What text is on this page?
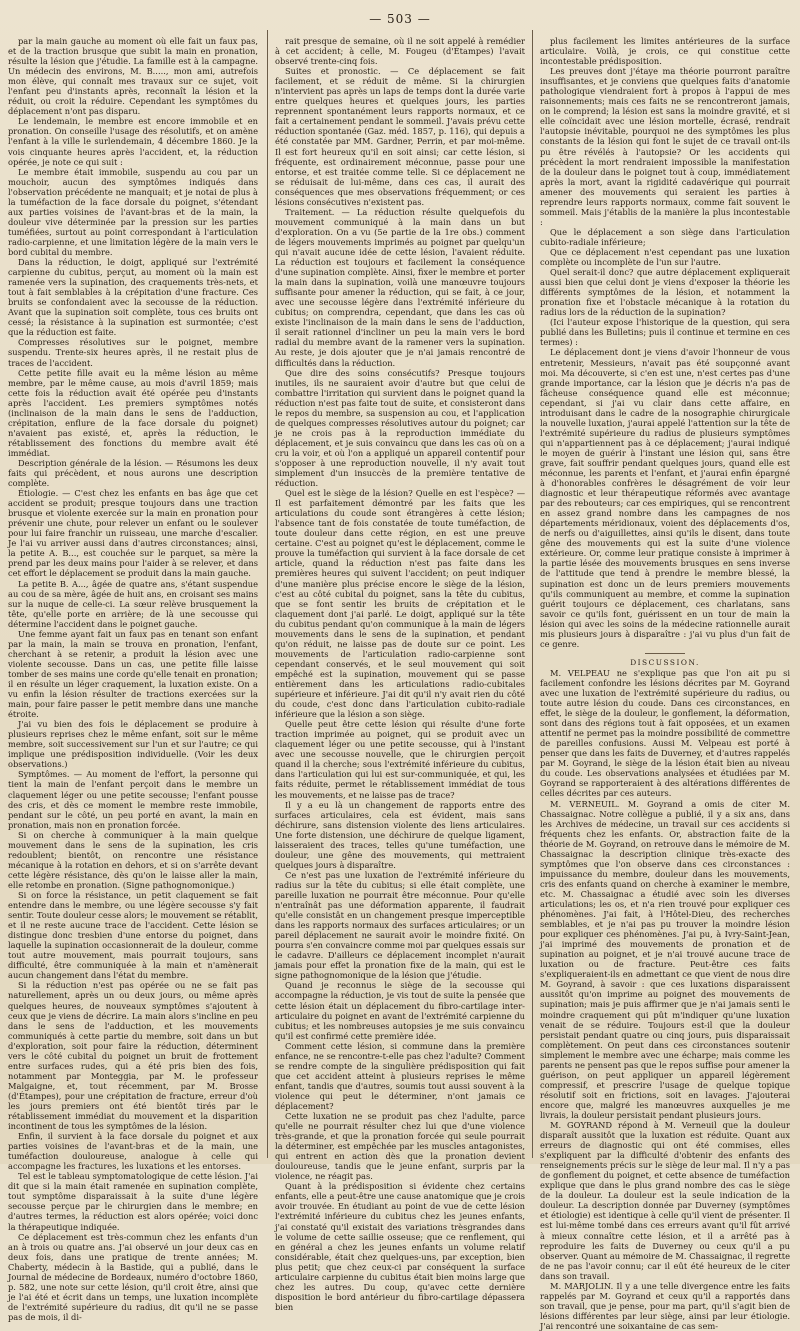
— 503 —

par la main gauche au moment où elle fait un faux pas, et de la traction brusque que subit la main en pronation, résulte la lésion que j'étudie. La famille est à la campagne. Un médecin des environs, M. B....., mon ami, autrefois mon élève, qui connaît mes travaux sur ce sujet, voit l'enfant peu d'instants après, reconnaît la lésion et la réduit, ou croit la réduire. Cependant les symptômes du déplacement n'ont pas disparu.

Le lendemain, le membre est encore immobile et en pronation. On conseille l'usage des résolutifs, et on amène l'enfant à la ville le surlendemain, 4 décembre 1860. Je la vois cinquante heures après l'accident, et, la réduction opérée, je note ce qui suit :

Le membre était immobile, suspendu au cou par un mouchoir, aucun des symptômes indiqués dans l'observation précédente ne manquait; et je notai de plus à la tuméfaction de la face dorsale du poignet, s'étendant aux parties voisines de l'avant-bras et de la main, la douleur vive déterminée par la pression sur les parties tuméfiées, surtout au point correspondant à l'articulation radio-carpienne, et une limitation légère de la main vers le bord cubital du membre.

Dans la réduction, le doigt, appliqué sur l'extrémité carpienne du cubitus, perçut, au moment où la main est ramenée vers la supination, des craquements très-nets, et tout à fait semblables à la crépitation d'une fracture. Ces bruits se confondaient avec la secousse de la réduction. Avant que la supination soit complète, tous ces bruits ont cessé; la résistance à la supination est surmontée; c'est que la réduction est faite.

Compresses résolutives sur le poignet, membre suspendu. Trente-six heures après, il ne restait plus de traces de l'accident.

Cette petite fille avait eu la même lésion au même membre, par le même cause, au mois d'avril 1859; mais cette fois la réduction avait été opérée peu d'instants après l'accident. Les premiers symptômes notés (inclinaison de la main dans le sens de l'adduction, crépitation, enflure de la face dorsale du poignet) n'avaient pas existé, et, après la réduction, le rétablissement des fonctions du membre avait été immédiat.

Description générale de la lésion. — Résumons les deux faits qui précèdent, et nous aurons une description complète.

Étiologie. — C'est chez les enfants en bas âge que cet accident se produit; presque toujours dans une traction brusque et violente exercée sur la main en pronation pour prévenir une chute, pour relever un enfant ou le soulever pour lui faire franchir un ruisseau, une marche d'escalier. Je l'ai vu arriver aussi dans d'autres circonstances; ainsi, la petite A. B..., est couchée sur le parquet, sa mère la prend par les deux mains pour l'aider à se relever, et dans cet effort le déplacement se produit dans la main gauche.

La petite B. A..., âgée de quatre ans, s'étant suspendue au cou de sa mère, âgée de huit ans, en croisant ses mains sur la nuque de celle-ci. La sœur relève brusquement la tête, qu'elle porte en arrière; de là une secousse qui détermine l'accident dans le poignet gauche.

Une femme ayant fait un faux pas en tenant son enfant par la main, la main se trouva en pronation, l'enfant, cherchant à se retenir, a produit la lésion avec une violente secousse. Dans un cas, une petite fille laisse tomber de ses mains une corde qu'elle tenait en pronation; il en résulte un léger craquement, la luxation existe. On a vu enfin la lésion résulter de tractions exercées sur la main, pour faire passer le petit membre dans une manche étroite.

J'ai vu bien des fois le déplacement se produire à plusieurs reprises chez le même enfant, soit sur le même membre, soit successivement sur l'un et sur l'autre; ce qui implique une prédisposition individuelle. (Voir les deux observations.)

Symptômes. — Au moment de l'effort, la personne qui tient la main de l'enfant perçoit dans le membre un claquement léger ou une petite secousse; l'enfant pousse des cris, et dès ce moment le membre reste immobile, pendant sur le côté, un peu porté en avant, la main en pronation, mais non en pronation forcée.

Si on cherche à communiquer à la main quelque mouvement dans le sens de la supination, les cris redoublent; bientôt, on rencontre une résistance mécanique à la rotation en dehors, et si on s'arrête devant cette légère résistance, dès qu'on le laisse aller la main, elle retombe en pronation. (Signe pathognomonique.)

Si on force la résistance, un petit claquement se fait entendre dans le membre, ou une légère secousse s'y fait sentir. Toute douleur cesse alors; le mouvement se rétablit, et il ne reste aucune trace de l'accident. Cette lésion se distingue donc tresbien d'une entorse du poignet, dans laquelle la supination occasionnerait de la douleur, comme tout autre mouvement, mais pourrait toujours, sans difficulté, être communiquée à la main et n'amènerait aucun changement dans l'état du membre.

Si la réduction n'est pas opérée ou ne se fait pas naturellement, après un ou deux jours, ou même après quelques heures, de nouveaux symptômes s'ajoutent à ceux que je viens de décrire. La main alors s'incline en peu dans le sens de l'adduction, et les mouvements communiqués à cette partie du membre, soit dans un but d'exploration, soit pour faire la réduction, déterminent vers le côté cubital du poignet un bruit de frottement entre surfaces rudes, qui a été pris bien des fois, notamment par Monteggia, par M. le professeur Malgaigne, et, tout récemment, par M. Brosse (d'Étampes), pour une crépitation de fracture, erreur d'où les jours premiers ont été bientôt tirés par le rétablissement immédiat du mouvement et la disparition incontinent de tous les symptômes de la lésion.

Enfin, il survient à la face dorsale du poignet et aux parties voisines de l'avant-bras et de la main, une tuméfaction douloureuse, analogue à celle qui accompagne les fractures, les luxations et les entorses.

Tel est le tableau symptomatologique de cette lésion. J'ai dit que si la main était ramenée en supination complète, tout symptôme disparaissait à la suite d'une légère secousse perçue par le chirurgien dans le membre; en d'autres termes, la réduction est alors opérée; voici donc la thérapeutique indiquée.

Ce déplacement est très-commun chez les enfants d'un an à trois ou quatre ans. J'ai observé un jour deux cas en deux fois, dans une pratique de trente années; M. Chaberty, médecin à la Bastide, qui a publié, dans le Journal de médecine de Bordeaux, numéro d'octobre 1860, p. 582, une note sur cette lésion, qu'il croit être, ainsi que je l'ai été et écrit dans un temps, une luxation incomplète de l'extrémité supérieure du radius, dit qu'il ne se passe pas de mois, il di-

rait presque de semaine, où il ne soit appelé à remédier à cet accident; à celle, M. Fougeu (d'Étampes) l'avait observé trente-cinq fois.

Suites et pronostic. — Ce déplacement se fait facilement, et se réduit de même. Si la chirurgien n'intervient pas après un laps de temps dont la durée varie entre quelques heures et quelques jours, les parties reprennent spontanément leurs rapports normaux, et ce fait a certainement pendant le sommeil. J'avais prévu cette réduction spontanée (Gaz. méd. 1857, p. 116), qui depuis a été constatée par MM. Gardner, Perrin, et par moi-même. Il est fort heureux qu'il en soit ainsi; car cette lésion, si fréquente, est ordinairement méconnue, passe pour une entorse, et est traitée comme telle. Si ce déplacement ne se réduisait de lui-même, dans ces cas, il aurait des conséquences que mes observations fréquemment; or ces lésions consécutives n'existent pas.

Traitement. — La réduction résulte quelquefois du mouvement communiqué à la main dans un but d'exploration. On a vu (5e partie de la 1re obs.) comment de légers mouvements imprimés au poignet par quelqu'un qui n'avait aucune idée de cette lésion, l'avaient réduite. La réduction est toujours et facilement la conséquence d'une supination complète. Ainsi, fixer le membre et porter la main dans la supination, voilà une manœuvre toujours suffisante pour amener la réduction, qui se fait, à ce jour, avec une secousse légère dans l'extrémité inférieure du cubitus; on comprendra, cependant, que dans les cas où existe l'inclinaison de la main dans le sens de l'adduction, il serait rationnel d'incliner un peu la main vers le bord radial du membre avant de la ramener vers la supination. Au reste, je dois ajouter que je n'ai jamais rencontré de difficultés dans la réduction.

Que dire des soins consécutifs? Presque toujours inutiles, ils ne sauraient avoir d'autre but que celui de combattre l'irritation qui survient dans le poignet quand la réduction n'est pas faite tout de suite, et consisteront dans le repos du membre, sa suspension au cou, et l'application de quelques compresses résolutives autour du poignet; car je ne crois pas à la reproduction immédiate du déplacement, et je suis convaincu que dans les cas où on a cru la voir, et où l'on a appliqué un appareil contentif pour s'opposer à une reproduction nouvelle, il n'y avait tout simplement d'un insuccès de la première tentative de réduction.

Quel est le siège de la lésion? Quelle en est l'espèce? — Il est parfaitement démontré par les faits que les articulations du coude sont étrangères à cette lésion; l'absence tant de fois constatée de toute tuméfaction, de toute douleur dans cette région, en est une preuve certaine. C'est au poignet qu'est le déplacement, comme le prouve la tuméfaction qui survient à la face dorsale de cet article, quand la réduction n'est pas faite dans les premières heures qui suivent l'accident; on peut indiquer d'une manière plus précise encore le siège de la lésion, c'est au côté cubital du poignet, sans la tête du cubitus, que se font sentir les bruits de crépitation et le claquement dont j'ai parlé. Le doigt, appliqué sur la tête du cubitus pendant qu'on communique à la main de légers mouvements dans le sens de la supination, et pendant qu'on réduit, ne laisse pas de doute sur ce point. Les mouvements de l'articulation radio-carpienne sont cependant conservés, et le seul mouvement qui soit empêché est la supination, mouvement qui se passe entièrement dans les articulations radio-cubitales supérieure et inférieure. J'ai dit qu'il n'y avait rien du côté du coude, c'est donc dans l'articulation cubito-radiale inférieure que la lésion a son siège.

Quelle peut être cette lésion qui résulte d'une forte traction imprimée au poignet, qui se produit avec un claquement léger ou une petite secousse, qui à l'instant avec une secousse nouvelle, que le chirurgien perçoit quand il la cherche; sous l'extrémité inférieure du cubitus, dans l'articulation qui lui est sur-communiquée, et qui, les faits réduite, permet le rétablissement immédiat de tous les mouvements, et ne laisse pas de trace?

Il y a eu là un changement de rapports entre des surfaces articulaires, cela est évident, mais sans déchirure, sans distension violente des liens articulaires. Une forte distension, une déchirure de quelque ligament, laisseraient des traces, telles qu'une tuméfaction, une douleur, une gêne des mouvements, qui mettraient quelques jours à disparaître.

Ce n'est pas une luxation de l'extrémité inférieure du radius sur la tête du cubitus; si elle était complète, une pareille luxation ne pourrait être méconnue. Pour qu'elle n'entraînât pas une déformation apparente, il faudrait qu'elle consistât en un changement presque imperceptible dans les rapports normaux des surfaces articulaires; or un pareil déplacement ne saurait avoir le moindre fixité. On pourra s'en convaincre comme moi par quelques essais sur le cadavre. D'ailleurs ce déplacement incomplet n'aurait jamais pour effet la pronation fixe de la main, qui est le signe pathognomonique de la lésion que j'étudie.

Quand je reconnus le siège de la secousse qui accompagne la réduction, je vis tout de suite la pensée que cette lésion était un déplacement du fibro-cartilage inter-articulaire du poignet en avant de l'extrémité carpienne du cubitus; et les nombreuses autopsies je me suis convaincu qu'il est confirmé cette première idée.

Comment cette lésion, si commune dans la première enfance, ne se rencontre-t-elle pas chez l'adulte? Comment se rendre compte de la singulière prédisposition qui fait que cet accident atteint à plusieurs reprises le même enfant, tandis que d'autres, soumis tout aussi souvent à la violence qui peut le déterminer, n'ont jamais ce déplacement?

Cette luxation ne se produit pas chez l'adulte, parce qu'elle ne pourrait résulter chez lui que d'une violence très-grande, et que la pronation forcée qui seule pourrait la déterminer, est empêchée par les muscles antagonistes, qui entrent en action dès que la pronation devient douloureuse, tandis que le jeune enfant, surpris par la violence, ne réagit pas.

Quant à la prédisposition si évidente chez certains enfants, elle a peut-être une cause anatomique que je crois avoir trouvée. En étudiant au point de vue de cette lésion l'extrémité inférieure du cubitus chez les jeunes enfants, j'ai constaté qu'il existait des variations trèsgrandes dans le volume de cette saillie osseuse; que ce renflement, qui en général a chez les jeunes enfants un volume relatif considérable, était chez quelques-uns, par exception, bien plus petit; que chez ceux-ci par conséquent la surface articulaire carpienne du cubitus était bien moins large que chez les autres. Du coup, qu'avec cette dernière disposition le bord antérieur du fibro-cartilage dépassera bien

plus facilement les limites antérieures de la surface articulaire. Voilà, je crois, ce qui constitue cette incontestable prédisposition.

Les preuves dont j'étaye ma théorie pourront paraître insuffisantes, et je conviens que quelques faits d'anatomie pathologique viendraient fort à propos à l'appui de mes raisonnements; mais ces faits ne se rencontreront jamais, on le comprend; la lésion est sans la moindre gravité, et si elle coïncidait avec une lésion mortelle, écrasé, rendrait l'autopsie inévitable, pourquoi ne des symptômes les plus constants de la lésion qui font le sujet de ce travail ont-ils pu être révélés à l'autopsie? Or les accidents qui précèdent la mort rendraient impossible la manifestation de la douleur dans le poignet tout à coup, immédiatement après la mort, avant la rigidité cadavérique qui pourrait amener des mouvements qui seraient les parties à reprendre leurs rapports normaux, comme fait souvent le sommeil. Mais j'établis de la manière la plus incontestable :

Que le déplacement a son siège dans l'articulation cubito-radiale inférieure;

Que ce déplacement n'est cependant pas une luxation complète ou incomplète de l'un sur l'autre.

Quel serait-il donc? que autre déplacement expliquerait aussi bien que celui dont je viens d'exposer la théorie les différents symptômes de la lésion, et notamment la pronation fixe et l'obstacle mécanique à la rotation du radius lors de la réduction de la supination?

(Ici l'auteur expose l'historique de la question, qui sera publié dans les Bulletins; puis il continue et termine en ces termes) :

Le déplacement dont je viens d'avoir l'honneur de vous entretenir, Messieurs, n'avait pas été soupçonné avant moi. Ma découverte, si c'en est une, n'est certes pas d'une grande importance, car la lésion que je décris n'a pas de fâcheuse conséquence quand elle est méconnue; cependant, si j'ai vu clair dans cette affaire, en introduisant dans le cadre de la nosographie chirurgicale la nouvelle luxation, j'aurai appelé l'attention sur la tête de l'extrémité supérieure du radius de plusieurs symptômes qui n'appartiennent pas à ce déplacement; j'aurai indiqué le moyen de guérir à l'instant une lésion qui, sans être grave, fait souffrir pendant quelques jours, quand elle est méconnue, les parents et l'enfant, et j'aurai enfin épargné à d'honorables confrères le désagrément de voir leur diagnostic et leur thérapeutique réformés avec avantage par des rebouteurs; car ces empiriques, qui se rencontrent en assez grand nombre dans les campagnes de nos départements méridionaux, voient des déplacements d'os, de nerfs ou d'aiguillettes, ainsi qu'ils le disent, dans toute gêne des mouvements qui est la suite d'une violence extérieure. Or, comme leur pratique consiste à imprimer à la partie lésée des mouvements brusques en sens inverse de l'attitude que tend à prendre le membre blessé, la supination est donc un de leurs premiers mouvements qu'ils communiquent au membre, et comme la supination guérit toujours ce déplacement, ces charlatans, sans savoir ce qu'ils font, guérissent en un tour de main la lésion qui avec les soins de la médecine rationnelle aurait mis plusieurs jours à disparaître : j'ai vu plus d'un fait de ce genre.

DISCUSSION.

M. VELPEAU ne s'explique pas que l'on ait pu si facilement confondre les lésions décrites par M. Goyrand avec une luxation de l'extrémité supérieure du radius, ou toute autre lésion du coude. Dans ces circonstances, en effet, le siège de la douleur, le gonflement, la déformation, sont dans des régions tout à fait opposées, et un examen attentif ne permet pas la moindre possibilité de commettre de pareilles confusions. Aussi M. Velpeau est porté à penser que dans les faits de Duverney, et d'autres rappelés par M. Goyrand, le siège de la lésion était bien au niveau du coude. Les observations analysées et étudiées par M. Goyrand se rapporteraient à des altérations différentes de celles décrites par ces auteurs.

M. VERNEUIL. M. Goyrand a omis de citer M. Chassaignac. Notre collègue a publié, il y a six ans, dans les Archives de médecine, un travail sur ces accidents si fréquents chez les enfants. Or, abstraction faite de la théorie de M. Goyrand, on retrouve dans le mémoire de M. Chassaignac la description clinique très-exacte des symptômes que l'on observe dans ces circonstances : impuissance du membre, douleur dans les mouvements, cris des enfants quand on cherche à examiner le membre, etc. M. Chassaignac a étudié avec soin les diverses articulations; les os, et n'a rien trouvé pour expliquer ces phénomènes. J'ai fait, à l'Hôtel-Dieu, des recherches semblables, et je n'ai pas pu trouver la moindre lésion pour expliquer ces phénomènes. J'ai pu, à Ivry-Saint-Jean, j'ai imprimé des mouvements de pronation et de supination au poignet, et je n'ai trouvé aucune trace de luxation ou de fracture. Peut-être ces faits s'expliqueraient-ils en admettant ce que vient de nous dire M. Goyrand, à savoir : que ces luxations disparaissent aussitôt qu'on imprime au poignet des mouvements de supination; mais je puis affirmer que je n'ai jamais senti le moindre craquement qui pût m'indiquer qu'une luxation venait de se réduire. Toujours est-il que la douleur persistait pendant quatre ou cinq jours, puis disparaissait complètement. On peut dans ces circonstances soutenir simplement le membre avec une écharpe; mais comme les parents ne pensent pas que le repos suffise pour amener la guérison, on peut appliquer un appareil légèrement compressif, et prescrire l'usage de quelque topique résolutif soit en frictions, soit en lavages. J'ajouterai encore que, malgré les manœuvres auxquelles je me livrais, la douleur persistait pendant plusieurs jours.

M. GOYRAND répond à M. Verneuil que la douleur disparaît aussitôt que la luxation est réduite. Quant aux erreurs de diagnostic qui ont été commises, elles s'expliquent par la difficulté d'obtenir des enfants des renseignements précis sur le siège de leur mal. Il n'y a pas de gonflement du poignet, et cette absence de tuméfaction explique que dans le plus grand nombre des cas le siège de la douleur. La douleur est la seule indication de la douleur. La description donnée par Duverney (symptômes et étiologie) est identique à celle qu'il vient de présenter. Il est lui-même tombé dans ces erreurs avant qu'il fût arrivé à mieux connaître cette lésion, et il a arrêté pas à reproduire les faits de Duverney ou ceux qu'il a pu observer. Quant au mémoire de M. Chassaignac, il regrette de ne pas l'avoir connu; car il eût été heureux de le citer dans son travail.

M. MARJOLIN. Il y a une telle divergence entre les faits rappelés par M. Goyrand et ceux qu'il a rapportés dans son travail, que je pense, pour ma part, qu'il s'agit bien de lésions différentes par leur siège, ainsi par leur étiologie. J'ai rencontré une soixantaine de cas sem-
